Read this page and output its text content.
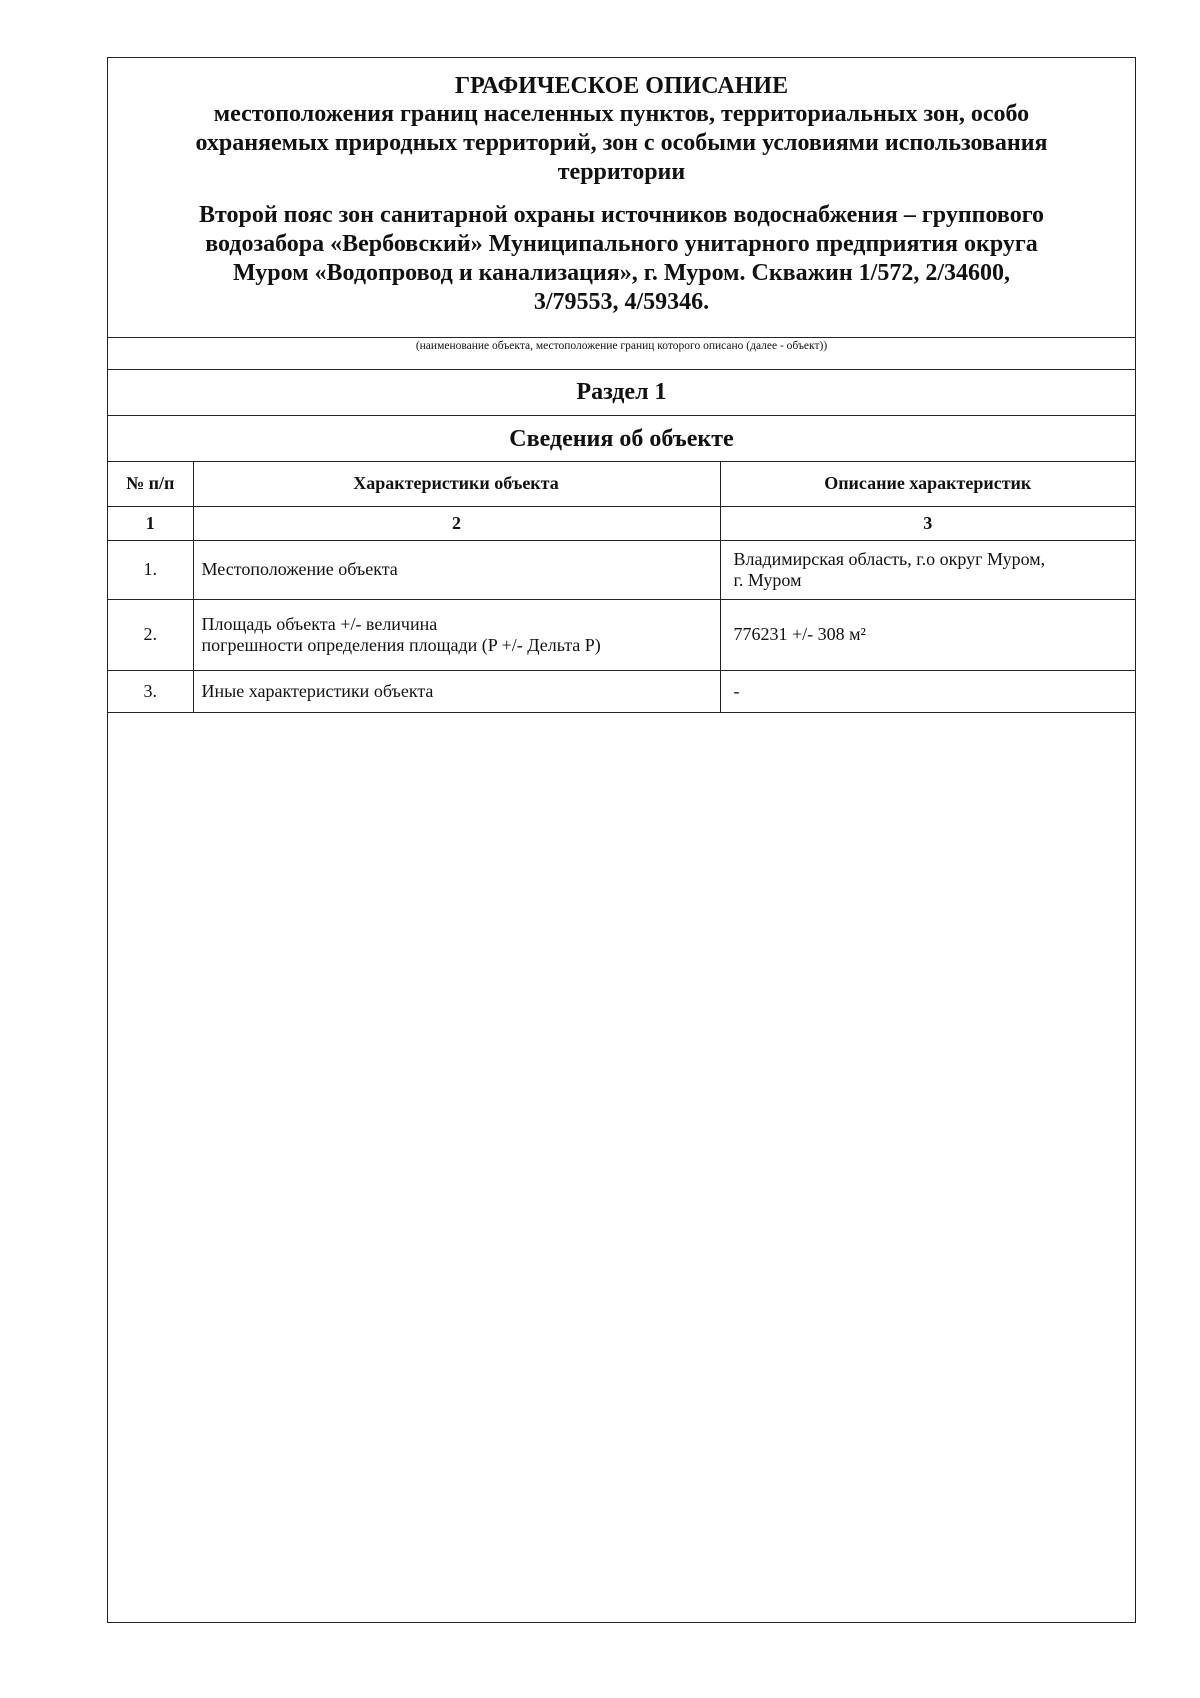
ГРАФИЧЕСКОЕ ОПИСАНИЕ
местоположения границ населенных пунктов, территориальных зон, особо
охраняемых природных территорий, зон с особыми условиями использования
территории
Второй пояс зон санитарной охраны источников водоснабжения – группового
водозабора «Вербовский» Муниципального унитарного предприятия округа
Муром «Водопровод и канализация», г. Муром. Скважин 1/572, 2/34600,
3/79553, 4/59346.
(наименование объекта, местоположение границ которого описано (далее - объект))
Раздел 1
Сведения об объекте
№ п/п	Характеристики объекта	Описание характеристик
1	2	3
1.	Местоположение объекта	Владимирская область, г.о округ Муром,
г. Муром

2.	Площадь объекта +/- величина
погрешности определения площади (P +/- Дельта P)	776231 +/- 308 м²
3.	Иные характеристики объекта	-
